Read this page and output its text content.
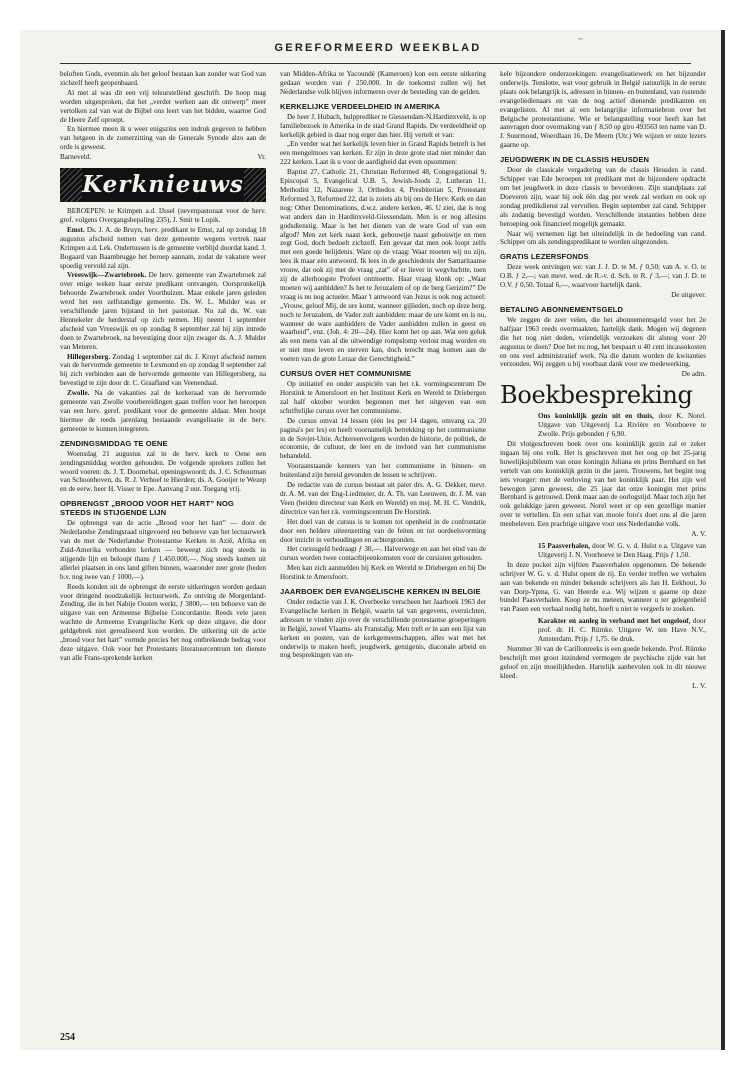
~
GEREFORMEERD WEEKBLAD

beloften Gods, evenmin als het geloof bestaan kan zonder wat God van zichzelf heeft geopenbaard.

Al met al was dit een vrij teleurstellend geschrift. De hoop mag worden uitgesproken, dat het „verder werken aan dit ontwerp” meer vertolken zal van wat de Bijbel ons leert van het bidden, waartoe God de Heere Zelf oproept.

En hiermee meen ik u weer enigszins een indruk gegeven te hebben van hetgeen in de zomerzitting van de Generale Synode alzo aan de orde is geweest.

Barneveld.	Vr.
Kerknieuws

BEROEPEN: te Krimpen a.d. IJssel (nevenpastoraat voor de herv. gref. volgens Overgangsbepaling 235), J. Smit te Lopik.

Emst. Ds. J. A. de Bruyn, herv. predikant te Emst, zal op zondag 18 augustus afscheid nemen van deze gemeente wegens vertrek naar Krimpen a.d. Lek. Ondertussen is de gemeente verblijd doordat kand. J. Bogaard van Baambrugge het beroep aannam, zodat de vakature weer spoedig vervuld zal zijn.

Vreeswijk—Zwartebroek. De herv. gemeente van Zwartebroek zal over enige weken haar eerste predikant ontvangen. Oorspronkelijk behoorde Zwartebroek onder Voorthuizen. Maar enkele jaren geleden werd het een zelfstandige gemeente. Ds. W. L. Mulder was er verschillende jaren bijstand in het pastoraat. Nu zal ds. W. van Hennekeler de herderstaf op zich nemen. Hij neemt 1 september afscheid van Vreeswijk en op zondag 8 september zal hij zijn intrede doen te Zwartebroek, na bevestiging door zijn zwager ds. A. J. Mulder van Meteren.

Hillegersberg. Zondag 1 september zal ds. J. Kruyt afscheid nemen van de hervormde gemeente te Lexmond en op zondag 8 september zal hij zich verbinden aan de hervormde gemeente van Hillegersberg, na bevestigd te zijn door dr. C. Graafland van Veenendaal.

Zwolle. Na de vakanties zal de kerkeraad van de hervormde gemeente van Zwolle voorbereidingen gaan treffen voor het beroepen van een herv. geref. predikant voor de gemeente aldaar. Men hoopt hiermee de reeds jarenlang bestaande evangelisatie in de herv. gemeente te kunnen integreren.

ZENDINGSMIDDAG TE OENE

Woensdag 21 augustus zal in de herv. kerk te Oene een zendingsmiddag worden gehouden. De volgende sprekers zullen het woord voeren: ds. J. T. Doornebal, openingswoord; ds. J. C. Schuurman van Schoonhoven, ds. R. J. Verhoef te Hierden; ds. A. Gooijer te Wezep en de eerw. heer H. Visser te Epe. Aanvang 2 uur. Toegang vrij.

OPBRENGST „BROOD VOOR HET HART” NOG STEEDS IN STIJGENDE LIJN

De opbrengst van de actie „Brood voor het hart” — door de Nederlandse Zendingsraad uitgevoerd ten behoeve van het lectuurwerk van de met de Nederlandse Protestantse Kerken in Azië, Afrika en Zuid-Amerika verbonden kerken — beweegt zich nog steeds in stijgende lijn en beloopt thans ƒ 1.450.000,—. Nog steeds komen uit allerlei plaatsen in ons land giften binnen, waaronder zeer grote (heden b.v. nog twee van ƒ 1000,—).

Reeds konden uit de opbrengst de eerste uitkeringen worden gedaan voor dringend noodzakelijk lectuurwerk. Zo ontving de Morgenland-Zending, die in het Nabije Oosten werkt, ƒ 3800,— ten behoeve van de uitgave van een Armeense Bijbelse Concordantie. Reeds vele jaren wachtte de Armeense Evangelische Kerk op deze uitgave, die door geldgebrek niet gerealiseerd kon worden. De uitkering uit de actie „brood voor het hart” vormde precies het nog ontbrekende bedrag voor deze uitgave. Ook voor het Protestants literatuurcentrum ten dienste van alle Frans-sprekende kerken

van Midden-Afrika te Yacoundé (Kameroen) kon een eerste uitkering gedaan worden van ƒ 250.000. In de toekomst zullen wij het Nederlandse volk blijven informeren over de besteding van de gelden.

KERKELIJKE VERDEELDHEID IN AMERIKA

De heer J. Hubach, hulpprediker te Giessendam-N.Hardinxveld, is op familiebezoek in Amerika in de stad Grand Rapids. De verdeeldheid op kerkelijk gebied is daar nog erger dan hier. Hij vertelt er van:

„En verder wat het kerkelijk leven hier in Grand Rapids betreft is het een mengelmoes van kerken. Er zijn in deze grote stad niet minder dan 222 kerken. Laat ik u voor de aardigheid dat even opsommen:

Baptist 27, Catholic 21, Christian Reformed 48, Congregational 9, Episcopal 5, Evangelical U.B. 5, Jewish-Joods 2, Lutheran 11, Methodist 12, Nazarene 3, Orthodox 4, Presbiterian 5, Protestant Reformed 3, Reformed 22, dat is zoiets als bij ons de Herv. Kerk en dan nog: Other Denominations, d.w.z. andere kerken, 46. U ziet, dat is nog wat anders dan in Hardinxveld-Giessendam. Men is er nog allesins godsdienstig. Maar is het het dienen van de ware God of van een afgod? Men zet kerk naast kerk, gebouwtje naast gebouwtje en men zegt God, doch bedoelt zichzelf. Een gevaar dat men ook loopt zelfs met een goede belijdenis. Want op de vraag: Waar moeten wij nu zijn, lees ik maar eén antwoord. Ik lees in de geschiedenis der Samaritaanse vrouw, dat ook zij met de vraag „zat” of er liever in wegvluchtte, toen zij de allerhoogste Profeet ontmoette. Haar vraag klonk op: „Waar moeten wij aanbidden? Is het te Jeruzalem of op de berg Gerizim?” De vraag is nu nog actueler. Maar 't antwoord van Jezus is ook nog actueel: „Vrouw, geloof Mij, de ure komt, wanneer gijlieden, noch op deze berg, noch te Jeruzalem, de Vader zult aanbidden: maar de ure komt en is nu, wanneer de ware aanbidders de Vader aanbidden zullen in geest en waarheid”, enz. (Joh. 4: 20—24). Hier komt het op aan. Wat een geluk als een mens van al die uitwendige rompslomp verlost mag worden en er niet mee leven en sterven kan, doch terecht mag komen aan de voeten van de grote Leraar der Gerechtigheid.”

CURSUS OVER HET COMMUNISME

Op initiatief en onder auspiciën van het r.k. vormingscentrum De Horstink te Amersfoort en het Instituut Kerk en Wereld te Driebergen zal half oktober worden begonnen met het uitgeven van een schriftelijke cursus over het communisme.

De cursus omvat 14 lessen (één les per 14 dagen, omvang ca. 20 pagina's per les) en heeft voornamelijk betrekking op het communisme in de Sovjet-Unie. Achtereenvolgens worden de historie, de politiek, de economie, de cultuur, de leer en de invloed van het communisme behandeld.

Vooraanstaande kenners van het communisme in binnen- en buitenland zijn bereid gevonden de lessen te schrijven.

De redactie van de cursus bestaat uit pater drs. A. G. Dekker, mevr. dr. A. M. van der Eng-Liedmeier, dr. A. Th. van Leeuwen, dr. J. M. van Veen (beiden directeur van Kerk en Wereld) en mej. M. H. C. Vendrik, directrice van het r.k. vormingscentrum De Horstink.

Het doel van de cursus is te komen tot openheid in de confrontatie door een heldere uiteenzetting van de feiten en tot oordeelsvorming door inzicht in verhoudingen en achtergronden.

Het cursusgeld bedraagt ƒ 30,—. Halverwege en aan het eind van de cursus worden twee contactbijeenkomsten voor de cursisten gehouden.

Men kan zich aanmelden bij Kerk en Wereld te Driebergen en bij De Horstink te Amersfoort.

JAARBOEK DER EVANGELISCHE KERKEN IN BELGIE

Onder redactie van J. K. Overbeeke verscheen het Jaarboek 1963 der Evangelische kerken in België, waarin tal van gegevens, overzichten, adressen te vinden zijn over de verschillende protestantse groeperingen in België, zowel Vlaams- als Franstalig. Men treft er in aan een lijst van kerken en posten, van de kerkgemeenschappen, alles wat met het onderwijs te maken heeft, jeugdwerk, getuigenis, diaconale arbeid en nog besprekingen van en-

kele bijzondere onderzoekingen: evangelisatiewerk en het bijzonder onderwijs. Tenslotte, wat voor gebruik in België natuurlijk in de eerste plaats ook belangrijk is, adressen in binnen- en buitenland, van rustende evangeliedienaars en van de nog actief dienende predikanten en evangelisten. Al met al een belangrijke informatiebron over het Belgische protestantisme. Wie er belangstelling voor heeft kan het aanvragen door overmaking van ƒ 8,50 op giro 493563 ten name van D. J. Suurmond, Woerdlaan 16, De Meern (Utr.) We wijzen er onze lezers gaarne op.

JEUGDWERK IN DE CLASSIS HEUSDEN

Door de classicale vergadering van de classis Heusden is cand. Schipper van Ede beroepen tot predikant met de bijzondere opdracht om het jeugdwerk in deze classis te bevorderen. Zijn standplaats zal Doeveren zijn, waar hij ook één dag per week zal werken en ook op zondag predikdienst zal vervullen. Begin september zal cand. Schipper als zodanig bevestigd worden. Verschillende instanties hebben deze beroeping ook financieel mogelijk gemaakt.

Naar wij vernemen ligt het uiteindelijk in de bedoeling van cand. Schipper om als zendingspredikant te worden uitgezonden.

GRATIS LEZERSFONDS

Deze week ontvingen we: van J. J. D. te M. ƒ 0,50; van A. v. O. te O.B. ƒ 2,—; van mevr. wed. de R.-v. d. Sch. te R. ƒ 3,—; van J. D. te O.V. ƒ 0,50. Totaal 6,—, waarvoor hartelijk dank.

De uitgever.

BETALING ABONNEMENTSGELD

We zeggen de zeer velen, die het abonnementsgeld voor het 2e halfjaar 1963 reeds overmaakten, hartelijk dank. Mogen wij degenen die het nog niet deden, vriendelijk verzoeken dit alsnog voor 20 augustus te doen? Doe het nu nog, het bespaart u 40 cent incassokosten en ons veel administratief werk. Na die datum worden de kwitanties verzonden. Wij zeggen u bij voorbaat dank voor uw medewerking.

De adm.

Boekbespreking

Ons koninklijk gezin uit en thuis, door K. Norel. Uitgave van Uitgeverij La Rivière en Voorhoeve te Zwolle. Prijs gebonden ƒ 6,90.

Dit vlotgeschreven boek over ons koninklijk gezin zal er zeker ingaan bij ons volk. Het is geschreven met het oog op het 25-jarig huwelijksjubileum van onze koningin Juliana en prins Bernhard en het vertelt van ons koninklijk gezin in die jaren. Trouwens, het begint nog iets vroeger: met de verloving van het koninklijk paar. Het zijn wel bewogen jaren geweest, die 25 jaar dat onze koningin met prins Bernhard is getrouwd. Denk maar aan de oorlogstijd. Maar toch zijn het ook gelukkige jaren geweest. Norel weet er op een gezellige manier over te vertellen. En een schat van mooie foto's doet ons al die jaren meebeleven. Een prachtige uitgave voor ons Nederlandse volk.

A. V.

15 Paasverhalen, door W. G. v. d. Hulst e.a. Uitgave van Uitgeverij J. N. Voorhoeve te Den Haag. Prijs ƒ 1,50.

In deze pocket zijn vijftien Paasverhalen opgenomen. De bekende schrijver W. G. v. d. Hulst opent de rij. En verder treffen we verhalen aan van bekende en minder bekende schrijvers als Jan H. Eekhout, Jo van Dorp-Ypma, G. van Heerde e.a. Wij wijzen u gaarne op deze bundel Paasverhalen. Koop ze nu meteen, wanneer u ter gelegenheid van Pasen een verhaal nodig hebt, hoeft u niet te vergeefs te zoeken.

Karakter en aanleg in verband met het ongeloof, door prof. dr. H. C. Rümke. Uitgave W. ten Have N.V., Amsterdam. Prijs ƒ 1,75. 6e druk.

Nummer 30 van de Carillonreeks is een goede bekende. Prof. Rümke beschrijft met groot inzindend vermogen de psychische zijde van het geloof en zijn moeilijkheden. Hartelijk aanbevolen ook in dit nieuwe kleed.

L. V.

254
